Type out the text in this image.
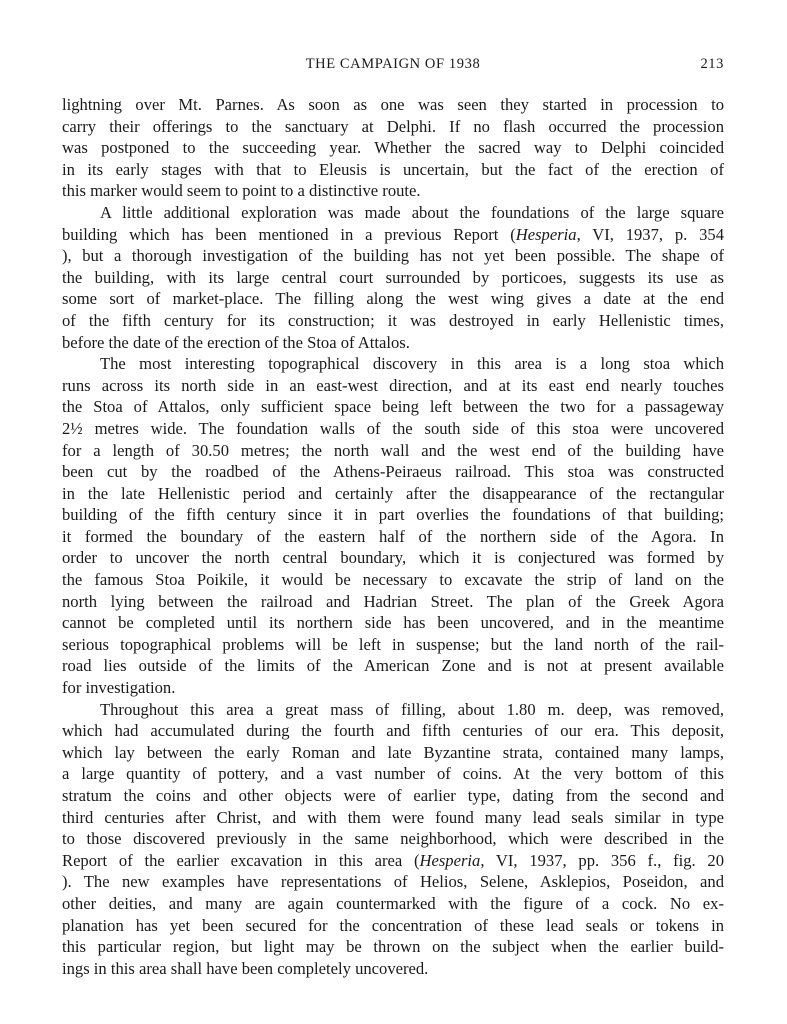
THE CAMPAIGN OF 1938	213

lightning over Mt. Parnes. As soon as one was seen they started in procession to
carry their offerings to the sanctuary at Delphi. If no flash occurred the procession
was postponed to the succeeding year. Whether the sacred way to Delphi coincided
in its early stages with that to Eleusis is uncertain, but the fact of the erection of
this marker would seem to point to a distinctive route.

A little additional exploration was made about the foundations of the large square
building which has been mentioned in a previous Report (Hesperia, VI, 1937, p. 354
), but a thorough investigation of the building has not yet been possible. The shape of
the building, with its large central court surrounded by porticoes, suggests its use as
some sort of market-place. The filling along the west wing gives a date at the end
of the fifth century for its construction; it was destroyed in early Hellenistic times,
before the date of the erection of the Stoa of Attalos.

The most interesting topographical discovery in this area is a long stoa which
runs across its north side in an east-west direction, and at its east end nearly touches
the Stoa of Attalos, only sufficient space being left between the two for a passageway
2½ metres wide. The foundation walls of the south side of this stoa were uncovered
for a length of 30.50 metres; the north wall and the west end of the building have
been cut by the roadbed of the Athens-Peiraeus railroad. This stoa was constructed
in the late Hellenistic period and certainly after the disappearance of the rectangular
building of the fifth century since it in part overlies the foundations of that building;
it formed the boundary of the eastern half of the northern side of the Agora. In
order to uncover the north central boundary, which it is conjectured was formed by
the famous Stoa Poikile, it would be necessary to excavate the strip of land on the
north lying between the railroad and Hadrian Street. The plan of the Greek Agora
cannot be completed until its northern side has been uncovered, and in the meantime
serious topographical problems will be left in suspense; but the land north of the rail-
road lies outside of the limits of the American Zone and is not at present available
for investigation.

Throughout this area a great mass of filling, about 1.80 m. deep, was removed,
which had accumulated during the fourth and fifth centuries of our era. This deposit,
which lay between the early Roman and late Byzantine strata, contained many lamps,
a large quantity of pottery, and a vast number of coins. At the very bottom of this
stratum the coins and other objects were of earlier type, dating from the second and
third centuries after Christ, and with them were found many lead seals similar in type
to those discovered previously in the same neighborhood, which were described in the
Report of the earlier excavation in this area (Hesperia, VI, 1937, pp. 356 f., fig. 20
). The new examples have representations of Helios, Selene, Asklepios, Poseidon, and
other deities, and many are again countermarked with the figure of a cock. No ex-
planation has yet been secured for the concentration of these lead seals or tokens in
this particular region, but light may be thrown on the subject when the earlier build-
ings in this area shall have been completely uncovered.
